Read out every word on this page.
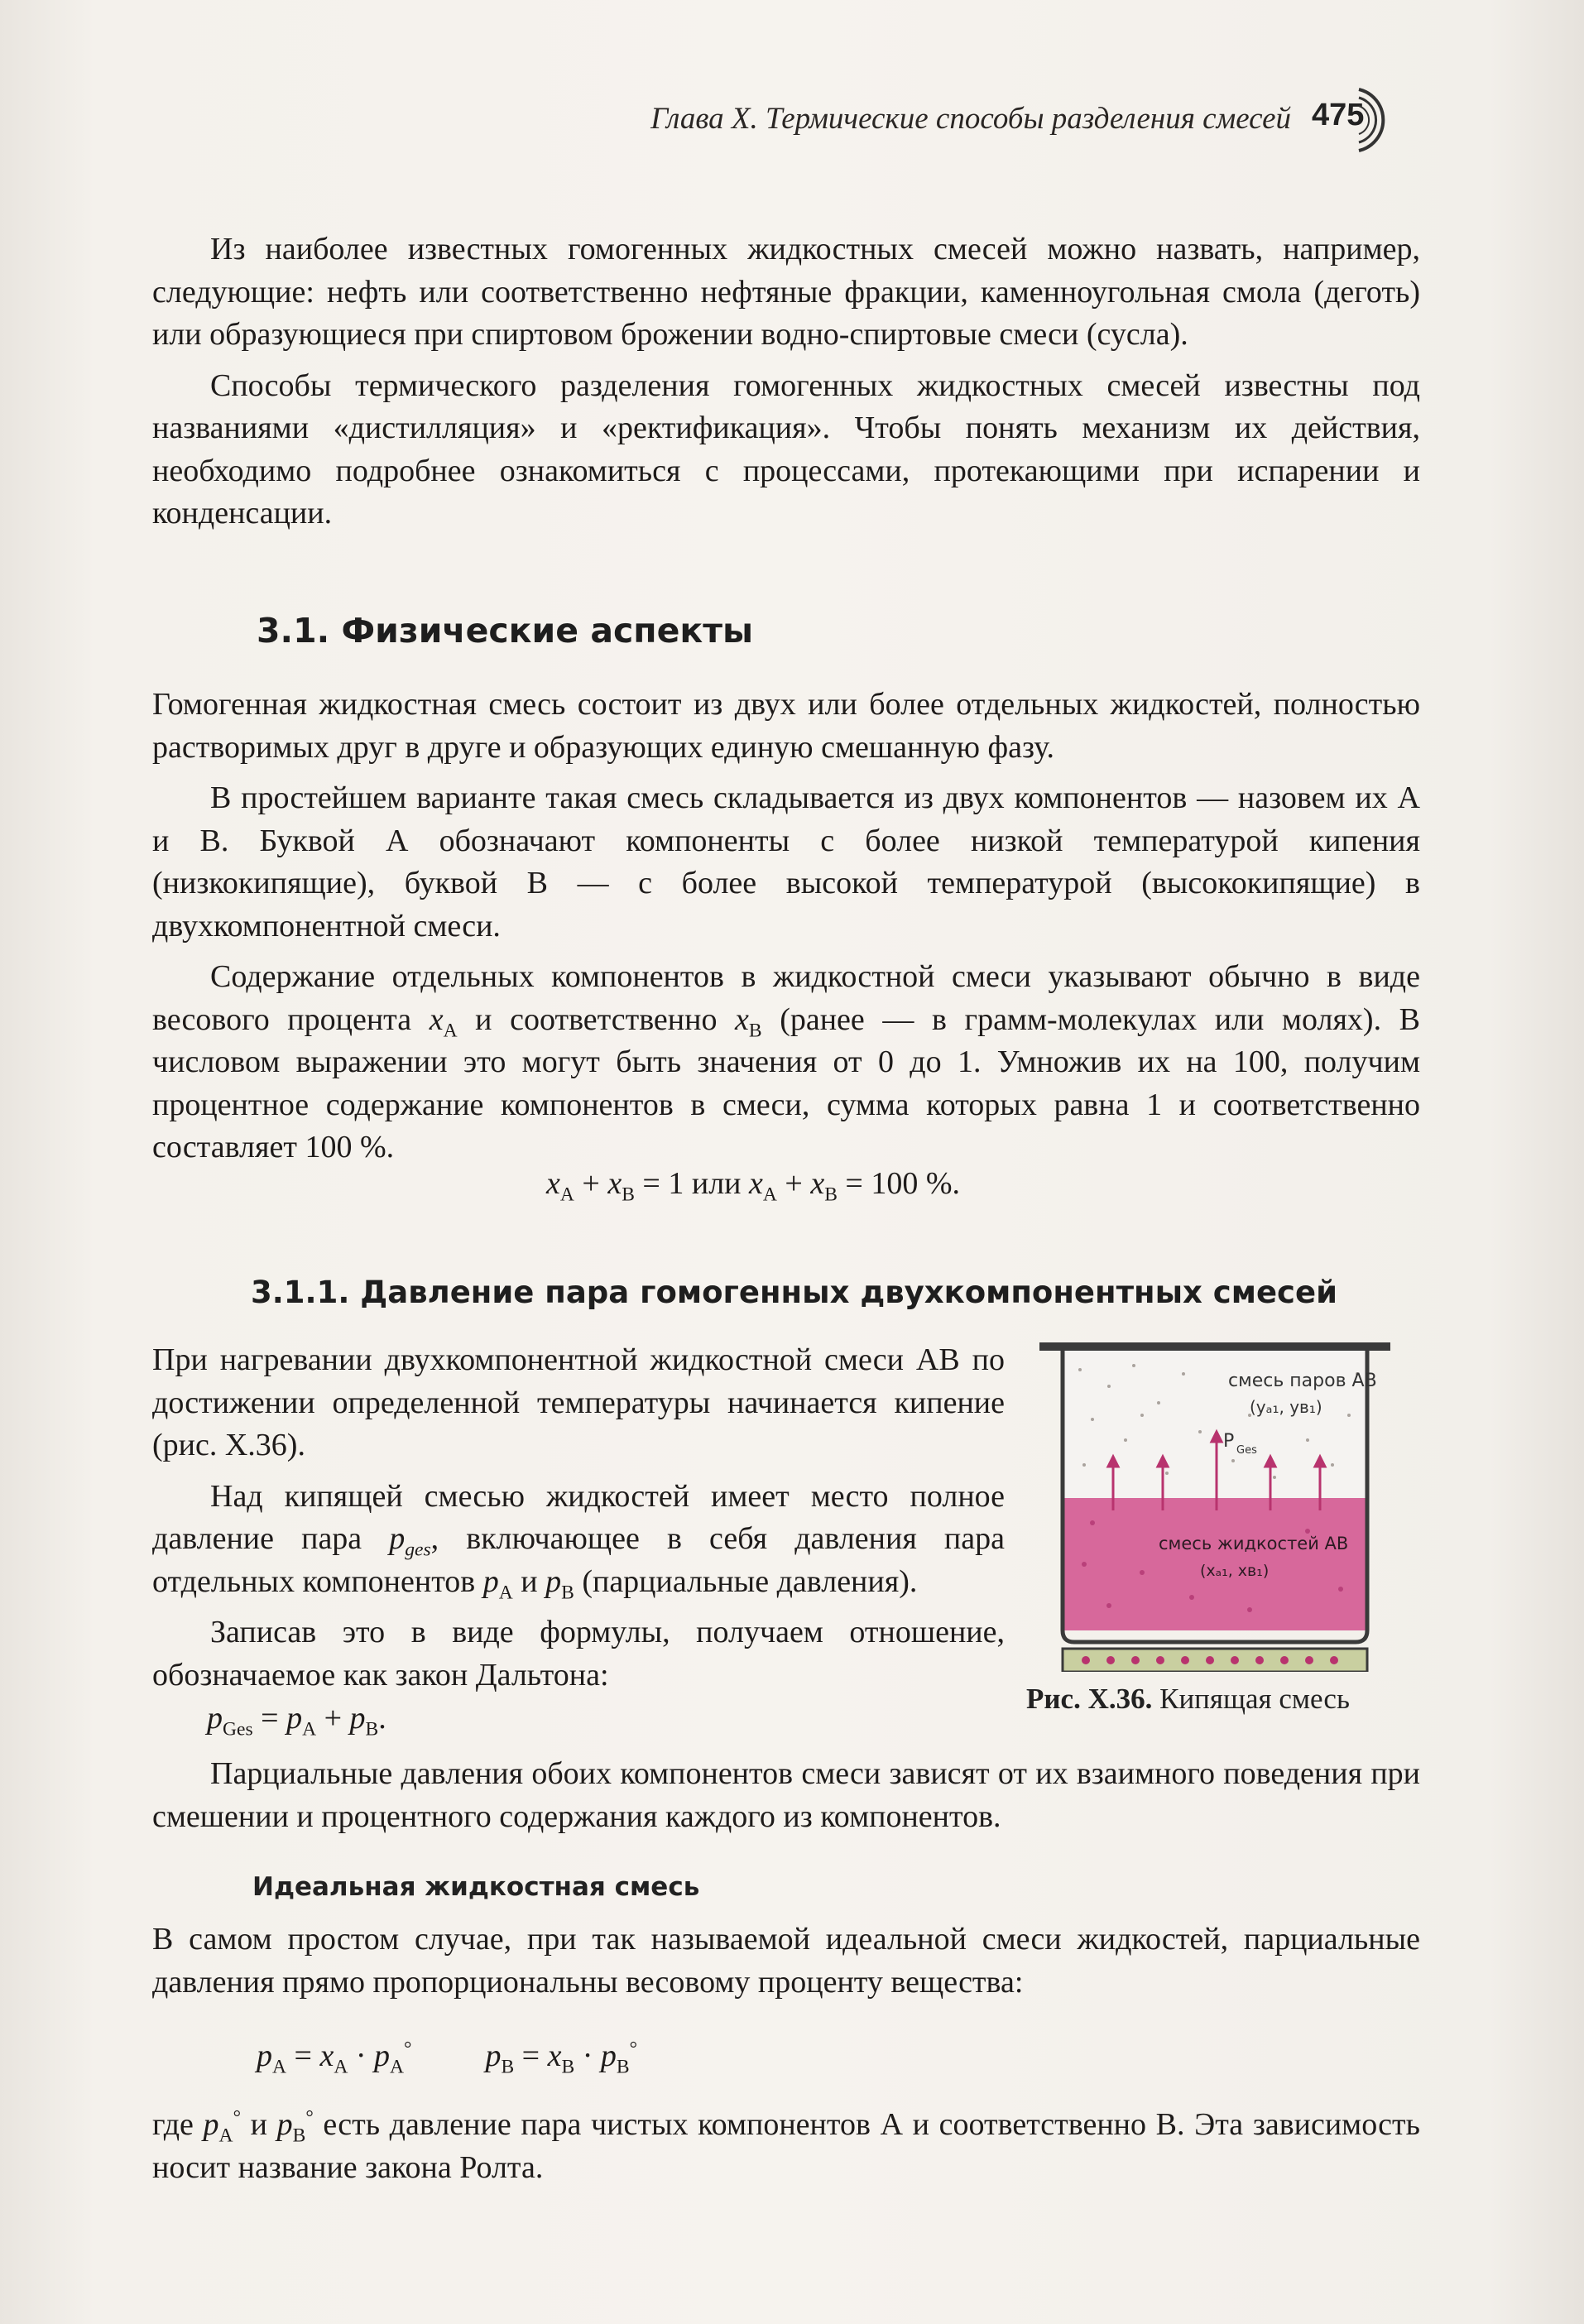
Глава X. Термические способы разделения смесей 475

Из наиболее известных гомогенных жидкостных смесей можно назвать, например, следующие: нефть или соответственно нефтяные фракции, каменноугольная смола (деготь) или образующиеся при спиртовом брожении водно-спиртовые смеси (сусла).

Способы термического разделения гомогенных жидкостных смесей известны под названиями «дистилляция» и «ректификация». Чтобы понять механизм их действия, необходимо подробнее ознакомиться с процессами, протекающими при испарении и конденсации.

3.1. Физические аспекты

Гомогенная жидкостная смесь состоит из двух или более отдельных жидкостей, полностью растворимых друг в друге и образующих единую смешанную фазу.

В простейшем варианте такая смесь складывается из двух компонентов — назовем их А и В. Буквой А обозначают компоненты с более низкой температурой кипения (низкокипящие), буквой В — с более высокой температурой (высококипящие) в двухкомпонентной смеси.

Содержание отдельных компонентов в жидкостной смеси указывают обычно в виде весового процента $x_A$ и соответственно $x_B$ (ранее — в грамм-молекулах или молях). В числовом выражении это могут быть значения от 0 до 1. Умножив их на 100, получим процентное содержание компонентов в смеси, сумма которых равна 1 и соответственно составляет 100 %.

$x_A + x_B = 1$ или $x_A + x_B = 100$ %.
3.1.1. Давление пара гомогенных двухкомпонентных смесей

При нагревании двухкомпонентной жидкостной смеси АВ по достижении определенной температуры начинается кипение (рис. X.36).

Над кипящей смесью жидкостей имеет место полное давление пара $p_{ges}$, включающее в себя давления пара отдельных компонентов $p_A$ и $p_B$ (парциальные давления).

Записав это в виде формулы, получаем отношение, обозначаемое как закон Дальтона:

$p_{Ges} = p_A + p_B$.

Парциальные давления обоих компонентов смеси зависят от их взаимного поведения при смешении и процентного содержания каждого из компонентов.

Идеальная жидкостная смесь

В самом простом случае, при так называемой идеальной смеси жидкостей, парциальные давления прямо пропорциональны весовому проценту вещества:

$p_A = x_A \cdot p_A^\circ$ $p_B = x_B \cdot p_B^\circ$

где $p_A^\circ$ и $p_B^\circ$ есть давление пара чистых компонентов А и соответственно В. Эта зависимость носит название закона Ролта.

смесь паров АВ
(yₐ₁, yв₁)
P Ges
смесь жидкостей АВ
(xₐ₁, xв₁)
Рис. X.36. Кипящая смесь
